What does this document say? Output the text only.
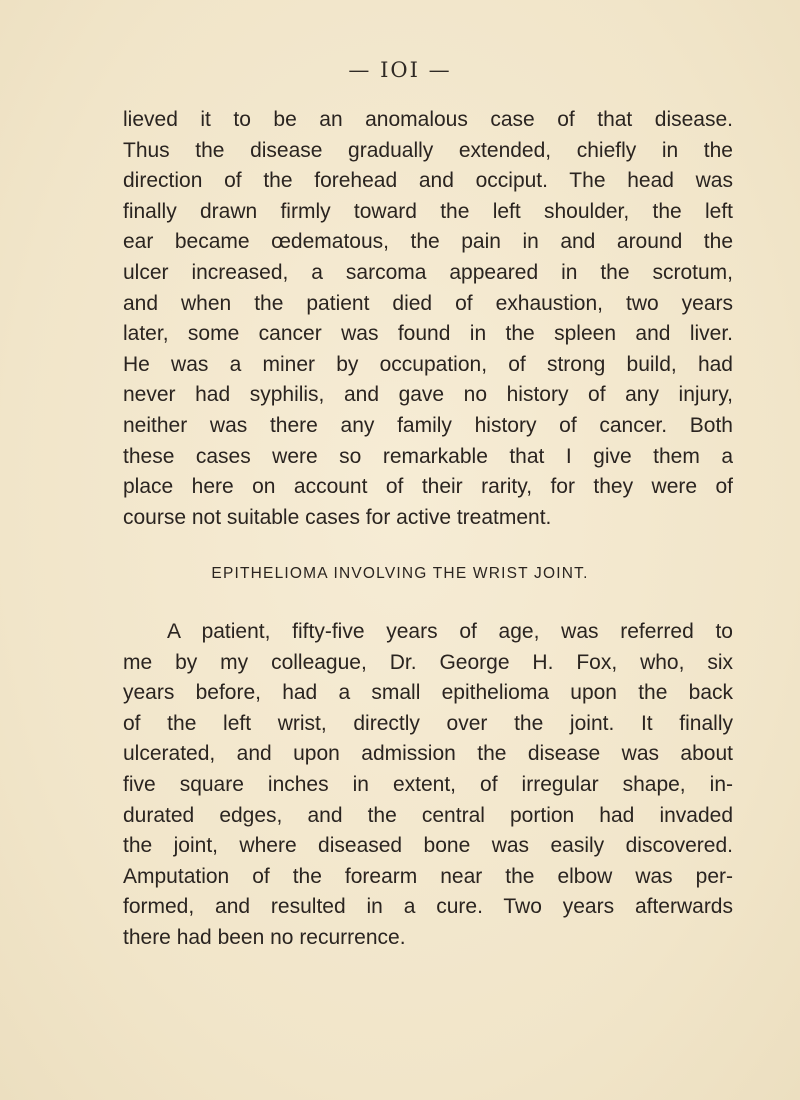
— IOI —
lieved it to be an anomalous case of that disease.
Thus the disease gradually extended, chiefly in the
direction of the forehead and occiput. The head was
finally drawn firmly toward the left shoulder, the left
ear became œdematous, the pain in and around the
ulcer increased, a sarcoma appeared in the scrotum,
and when the patient died of exhaustion, two years
later, some cancer was found in the spleen and liver.
He was a miner by occupation, of strong build, had
never had syphilis, and gave no history of any injury,
neither was there any family history of cancer. Both
these cases were so remarkable that I give them a
place here on account of their rarity, for they were of
course not suitable cases for active treatment.
EPITHELIOMA INVOLVING THE WRIST JOINT.
A patient, fifty-five years of age, was referred to
me by my colleague, Dr. George H. Fox, who, six
years before, had a small epithelioma upon the back
of the left wrist, directly over the joint. It finally
ulcerated, and upon admission the disease was about
five square inches in extent, of irregular shape, in-
durated edges, and the central portion had invaded
the joint, where diseased bone was easily discovered.
Amputation of the forearm near the elbow was per-
formed, and resulted in a cure. Two years afterwards
there had been no recurrence.
